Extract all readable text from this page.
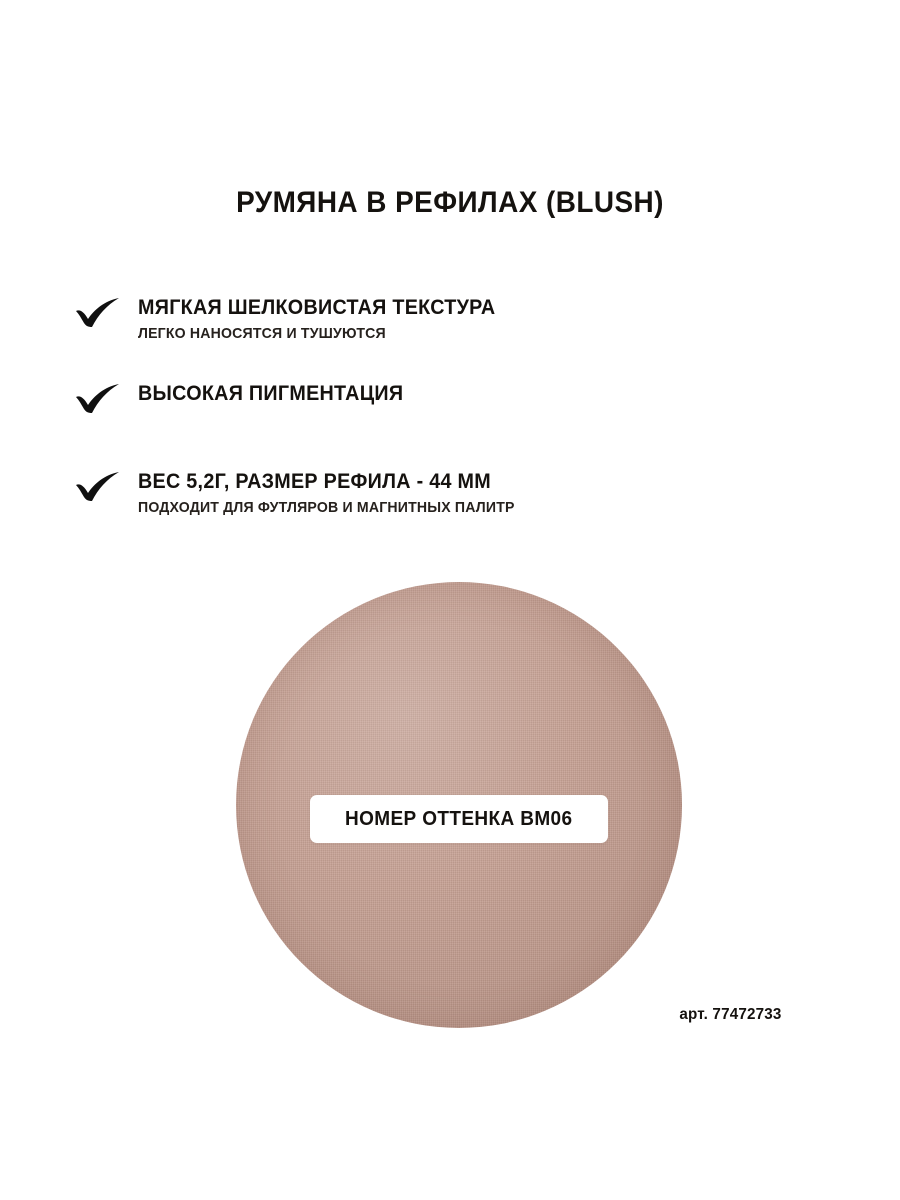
РУМЯНА В РЕФИЛАХ (BLUSH)
МЯГКАЯ ШЕЛКОВИСТАЯ ТЕКСТУРА
ЛЕГКО НАНОСЯТСЯ И ТУШУЮТСЯ
ВЫСОКАЯ ПИГМЕНТАЦИЯ
ВЕС 5,2Г, РАЗМЕР РЕФИЛА - 44 ММ
ПОДХОДИТ ДЛЯ ФУТЛЯРОВ И МАГНИТНЫХ ПАЛИТР
НОМЕР ОТТЕНКА BM06
арт. 77472733
